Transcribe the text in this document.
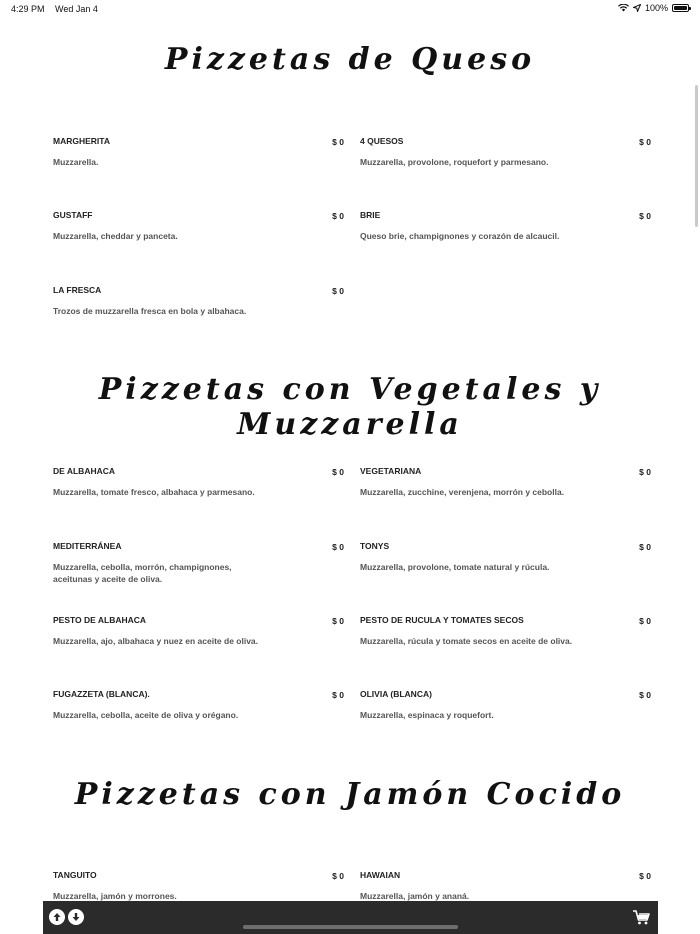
4:29 PM Wed Jan 4	100%
Pizzetas de Queso
MARGHERITA	$ 0
Muzzarella.
4 QUESOS	$ 0
Muzzarella, provolone, roquefort y parmesano.
GUSTAFF	$ 0
Muzzarella, cheddar y panceta.
BRIE	$ 0
Queso brie, champignones y corazón de alcaucil.
LA FRESCA	$ 0
Trozos de muzzarella fresca en bola y albahaca.
Pizzetas con Vegetales y Muzzarella
DE ALBAHACA	$ 0
Muzzarella, tomate fresco, albahaca y parmesano.
VEGETARIANA	$ 0
Muzzarella, zucchine, verenjena, morrón y cebolla.
MEDITERRÁNEA	$ 0
Muzzarella, cebolla, morrón, champignones, aceitunas y aceite de oliva.
TONYS	$ 0
Muzzarella, provolone, tomate natural y rúcula.
PESTO DE ALBAHACA	$ 0
Muzzarella, ajo, albahaca y nuez en aceite de oliva.
PESTO DE RUCULA Y TOMATES SECOS	$ 0
Muzzarella, rúcula y tomate secos en aceite de oliva.
FUGAZZETA (BLANCA).	$ 0
Muzzarella, cebolla, aceite de oliva y orégano.
OLIVIA (BLANCA)	$ 0
Muzzarella, espinaca y roquefort.
Pizzetas con Jamón Cocido
TANGUITO	$ 0
Muzzarella, jamón y morrones.
HAWAIAN	$ 0
Muzzarella, jamón y ananá.
